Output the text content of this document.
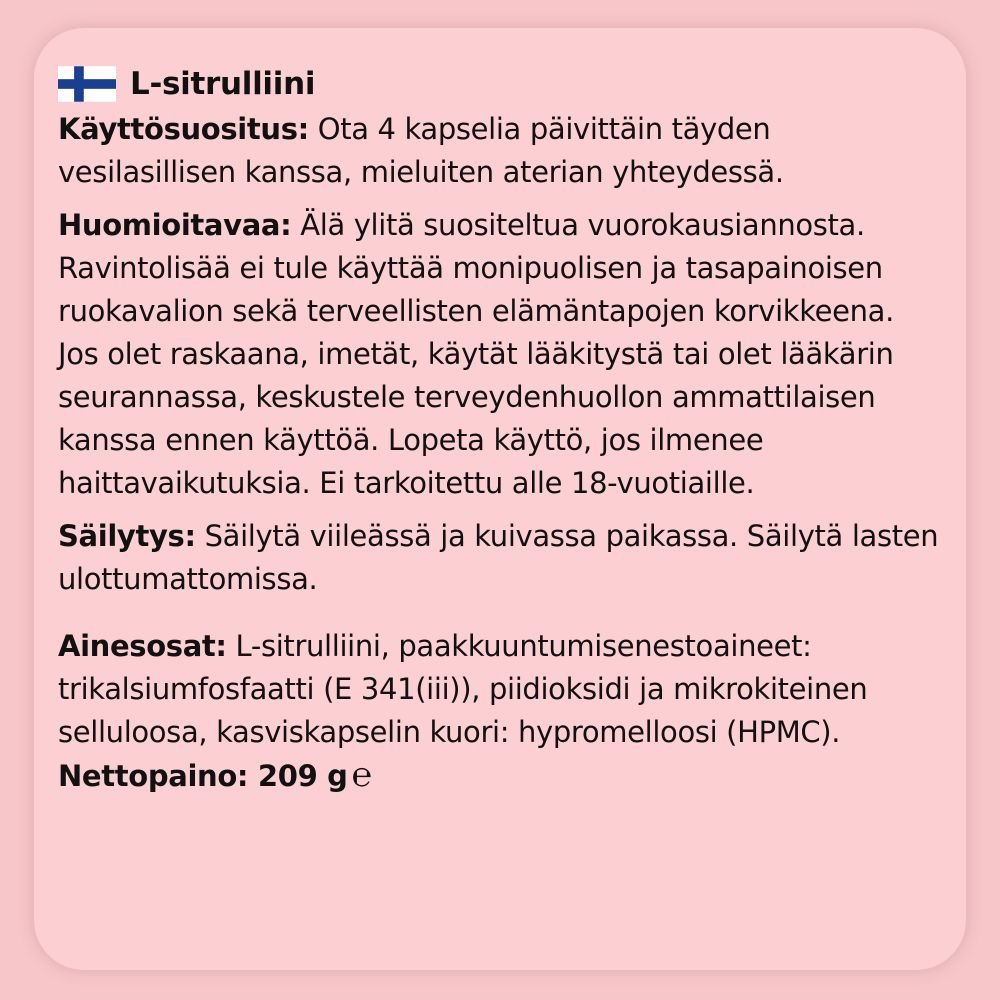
L-sitrulliini
Käyttösuositus: Ota 4 kapselia päivittäin täyden vesilasillisen kanssa, mieluiten aterian yhteydessä.
Huomioitavaa: Älä ylitä suositeltua vuorokausiannosta. Ravintolisää ei tule käyttää monipuolisen ja tasapainoisen ruokavalion sekä terveellisten elämäntapojen korvikkeena. Jos olet raskaana, imetät, käytät lääkitystä tai olet lääkärin seurannassa, keskustele terveydenhuollon ammattilaisen kanssa ennen käyttöä. Lopeta käyttö, jos ilmenee haittavaikutuksia. Ei tarkoitettu alle 18-vuotiaille.
Säilytys: Säilytä viileässä ja kuivassa paikassa. Säilytä lasten ulottumattomissa.
Ainesosat: L-sitrulliini, paakkuuntumisenestoaineet: trikalsiumfosfaatti (E 341(iii)), piidioksidi ja mikrokiteinen selluloosa, kasviskapselin kuori: hypromelloosi (HPMC).
Nettopaino: 209 g ℮
